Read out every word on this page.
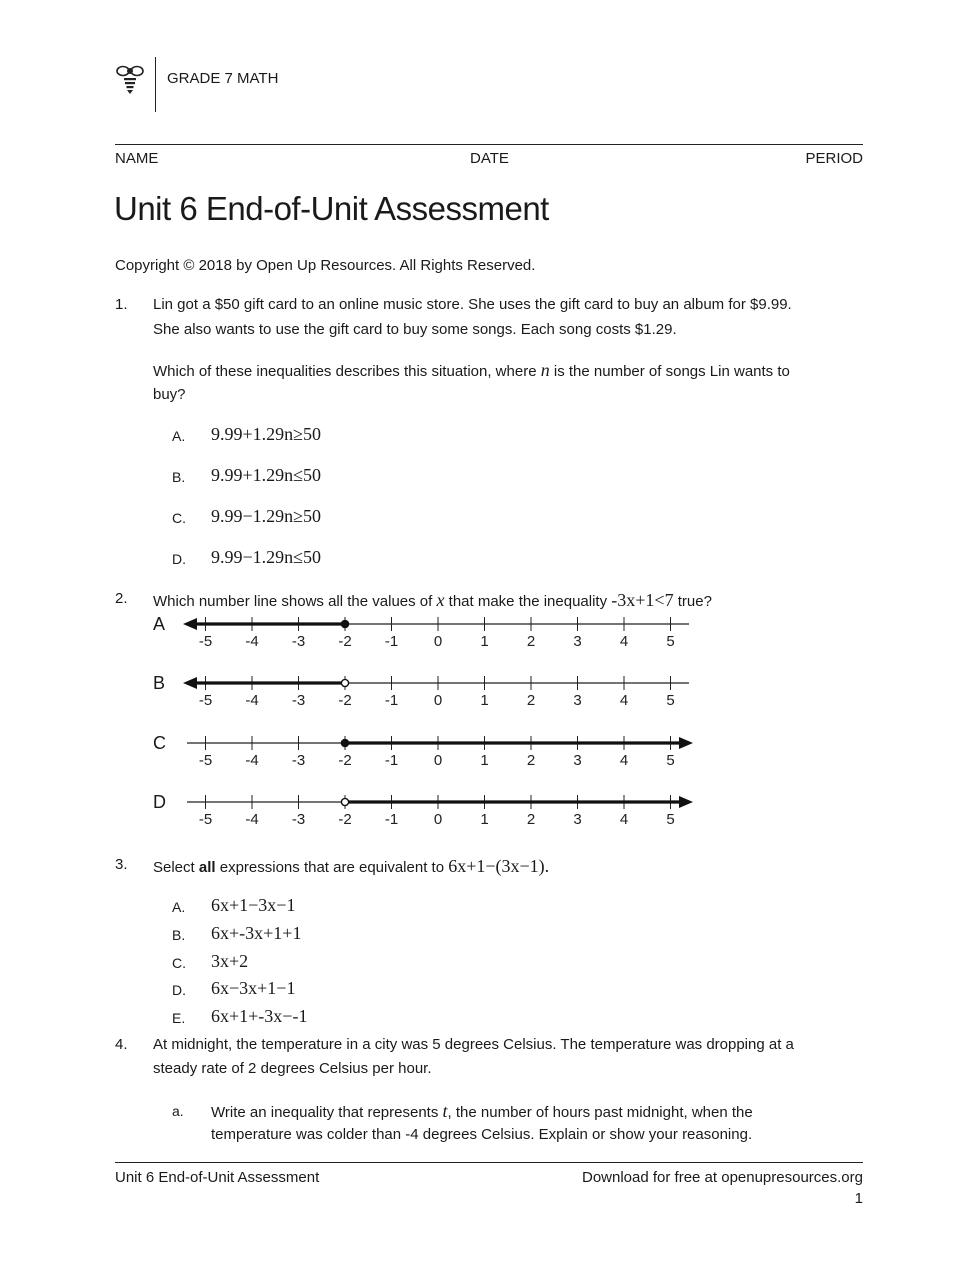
GRADE 7 MATH
NAME	DATE	PERIOD
Unit 6 End-of-Unit Assessment
Copyright © 2018 by Open Up Resources. All Rights Reserved.
1. Lin got a $50 gift card to an online music store. She uses the gift card to buy an album for $9.99.
She also wants to use the gift card to buy some songs. Each song costs $1.29.
Which of these inequalities describes this situation, where n is the number of songs Lin wants to
buy?
A. 9.99+1.29n≥50
B. 9.99+1.29n≤50
C. 9.99−1.29n≥50
D. 9.99−1.29n≤50
2. Which number line shows all the values of x that make the inequality -3x+1<7 true?
A
B
C
D
-5 -4 -3 -2 -1 0	1	2	3	4	5
-5 -4 -3 -2 -1 0	1	2	3	4	5
-5 -4 -3 -2 -1 0	1	2	3	4	5
-5 -4 -3 -2 -1 0	1	2	3	4	5
3. Select all expressions that are equivalent to 6x+1−(3x−1).
A. 6x+1−3x−1
B. 6x+-3x+1+1
C. 3x+2
D. 6x−3x+1−1
E. 6x+1+-3x−-1
4. At midnight, the temperature in a city was 5 degrees Celsius. The temperature was dropping at a
steady rate of 2 degrees Celsius per hour.
a. Write an inequality that represents t, the number of hours past midnight, when the
temperature was colder than -4 degrees Celsius. Explain or show your reasoning.
Unit 6 End-of-Unit Assessment	Download for free at openupresources.org
1
